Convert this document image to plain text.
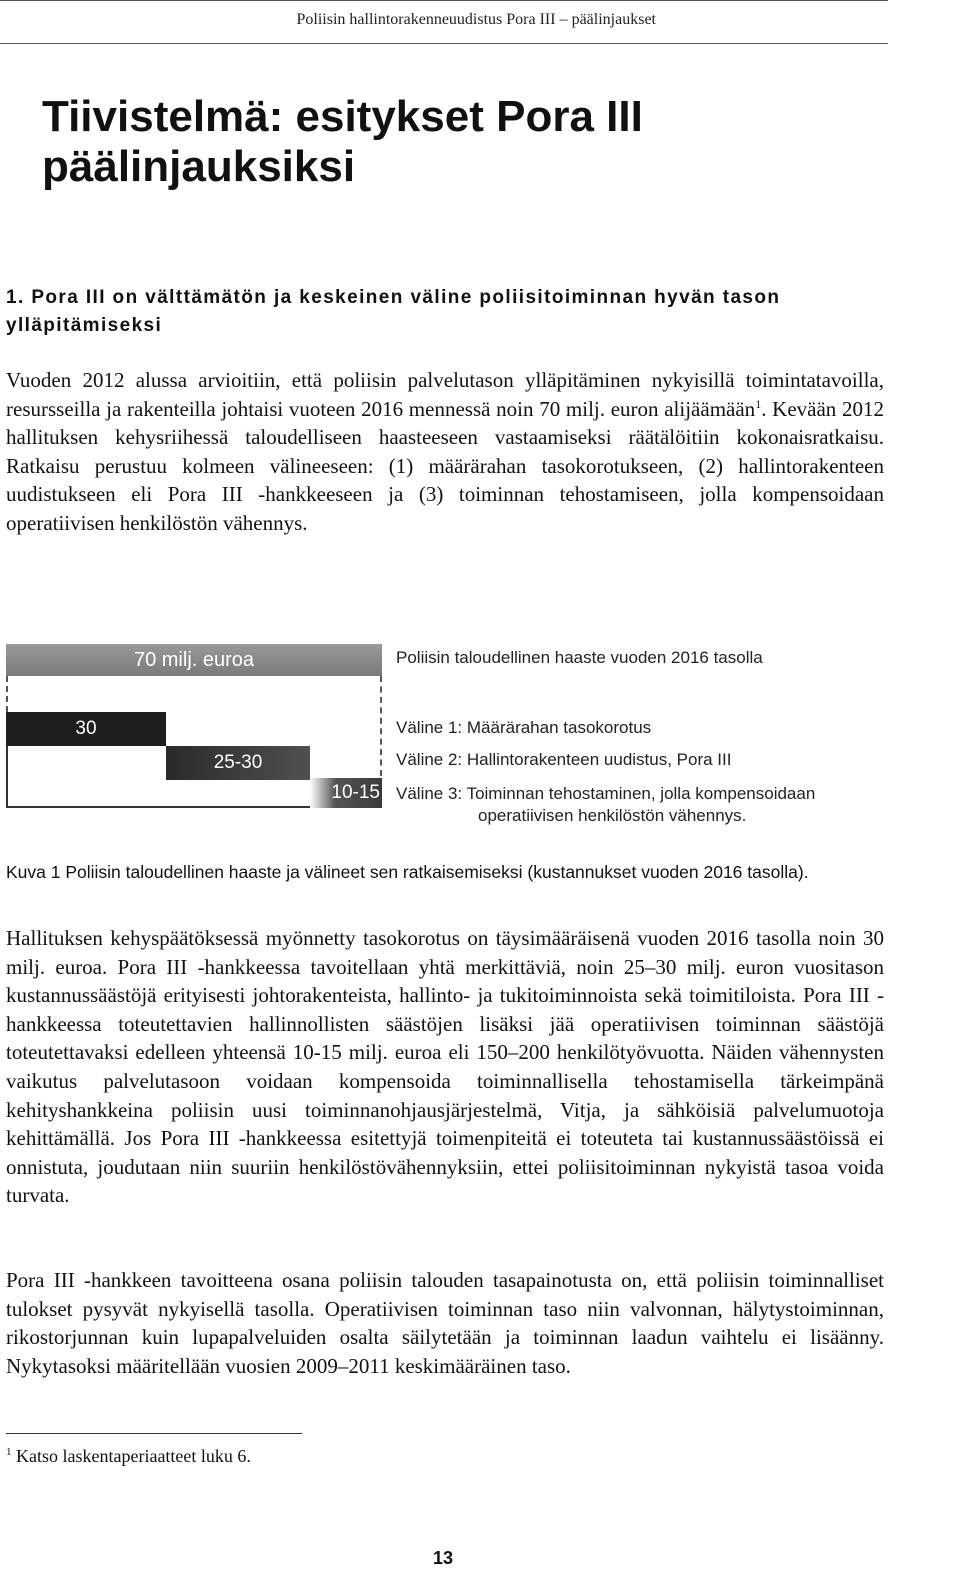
Poliisin hallintorakenneuudistus Pora III – päälinjaukset
Tiivistelmä: esitykset Pora III päälinjauksiksi
1. Pora III on välttämätön ja keskeinen väline poliisitoiminnan hyvän tason ylläpitämiseksi

Vuoden 2012 alussa arvioitiin, että poliisin palvelutason ylläpitäminen nykyisillä toimintatavoilla, resursseilla ja rakenteilla johtaisi vuoteen 2016 mennessä noin 70 milj. euron alijäämään$^1$. Kevään 2012 hallituksen kehysriihessä taloudelliseen haasteeseen vastaamiseksi räätälöitiin kokonaisratkaisu. Ratkaisu perustuu kolmeen välineeseen: (1) määrärahan tasokorotukseen, (2) hallintorakenteen uudistukseen eli Pora III -hankkeeseen ja (3) toiminnan tehostamiseen, jolla kompensoidaan operatiivisen henkilöstön vähennys.

70 milj. euroa
30
25-30
10-15
Poliisin taloudellinen haaste vuoden 2016 tasolla
Väline 1: Määrärahan tasokorotus
Väline 2: Hallintorakenteen uudistus, Pora III
Väline 3: Toiminnan tehostaminen, jolla kompensoidaan
operatiivisen henkilöstön vähennys.

Kuva 1 Poliisin taloudellinen haaste ja välineet sen ratkaisemiseksi (kustannukset vuoden 2016 tasolla).

Hallituksen kehyspäätöksessä myönnetty tasokorotus on täysimääräisenä vuoden 2016 tasolla noin 30 milj. euroa. Pora III -hankkeessa tavoitellaan yhtä merkittäviä, noin 25–30 milj. euron vuositason kustannussäästöjä erityisesti johtorakenteista, hallinto- ja tukitoiminnoista sekä toimitiloista. Pora III -hankkeessa toteutettavien hallinnollisten säästöjen lisäksi jää operatiivisen toiminnan säästöjä toteutettavaksi edelleen yhteensä 10-15 milj. euroa eli 150–200 henkilötyövuotta. Näiden vähennysten vaikutus palvelutasoon voidaan kompensoida toiminnallisella tehostamisella tärkeimpänä kehityshankkeina poliisin uusi toiminnanohjausjärjestelmä, Vitja, ja sähköisiä palvelumuotoja kehittämällä. Jos Pora III -hankkeessa esitettyjä toimenpiteitä ei toteuteta tai kustannussäästöissä ei onnistuta, joudutaan niin suuriin henkilöstövähennyksiin, ettei poliisitoiminnan nykyistä tasoa voida turvata.

Pora III -hankkeen tavoitteena osana poliisin talouden tasapainotusta on, että poliisin toiminnalliset tulokset pysyvät nykyisellä tasolla. Operatiivisen toiminnan taso niin valvonnan, hälytystoiminnan, rikostorjunnan kuin lupapalveluiden osalta säilytetään ja toiminnan laadun vaihtelu ei lisäänny. Nykytasoksi määritellään vuosien 2009–2011 keskimääräinen taso.

$^1$ Katso laskentaperiaatteet luku 6.
13
